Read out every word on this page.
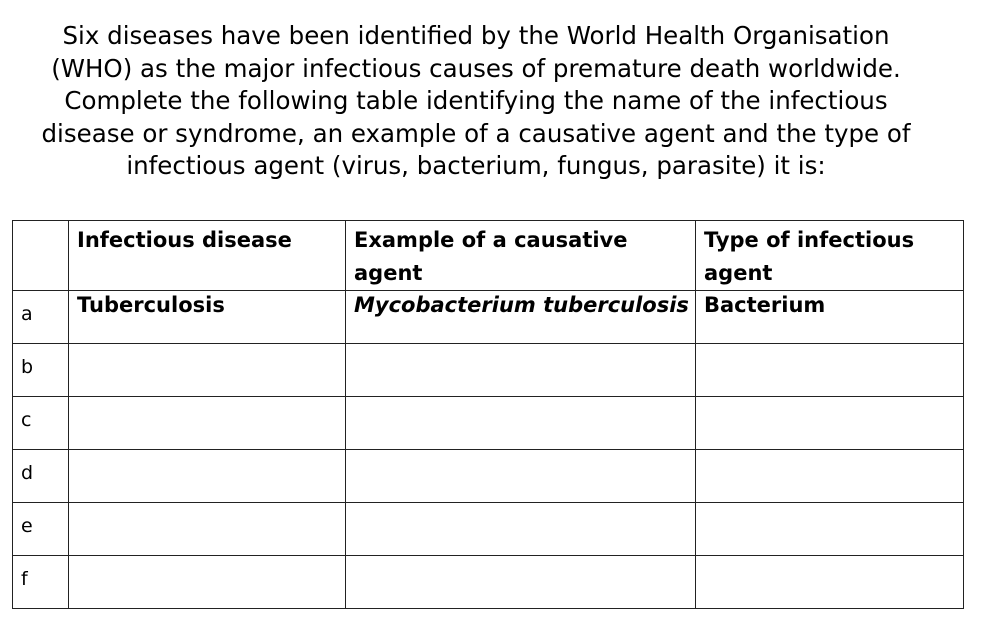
Six diseases have been identified by the World Health Organisation
(WHO) as the major infectious causes of premature death worldwide.
Complete the following table identifying the name of the infectious
disease or syndrome, an example of a causative agent and the type of
infectious agent (virus, bacterium, fungus, parasite) it is:

	Infectious disease	Example of a causative agent	Type of infectious agent

a	Tuberculosis	Mycobacterium tuberculosis	Bacterium

b			

c			

d			

e			

f			
